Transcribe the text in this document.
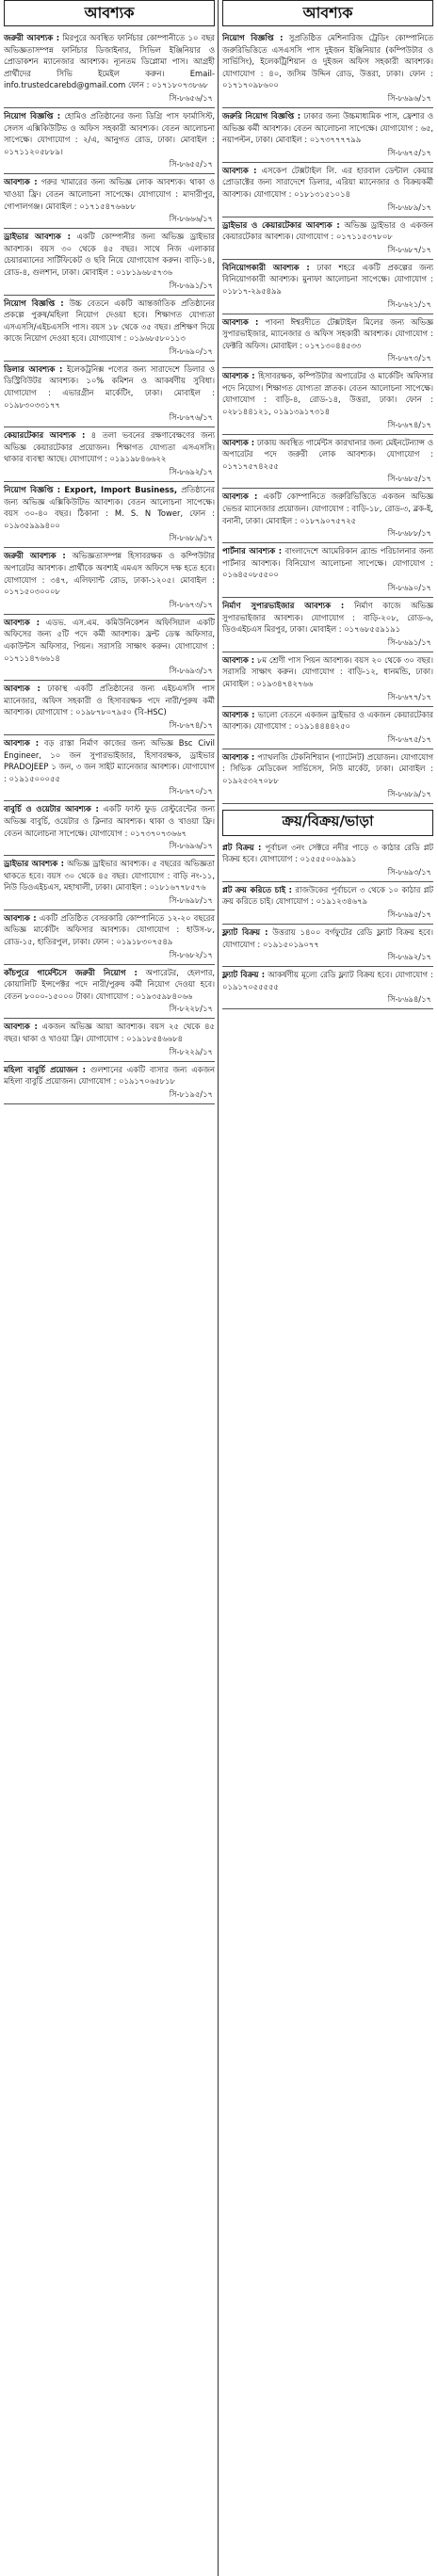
আবশ্যক
জরুরী আবশ্যক : মিরপুরে অবস্থিত ফার্নিচার কোম্পানীতে ১০ বছর অভিজ্ঞতাসম্পন্ন ফার্নিচার ডিজাইনার, সিভিল ইঞ্জিনিয়ার ও প্রোডাকশন ম্যানেজার আবশ্যক। ন্যূনতম ডিপ্লোমা পাস। আগ্রহী প্রার্থীদের সিভি ইমেইল করুন। Email- info.trustedcarebd@gmail.com ফোন : ০১৭১৮০৭৩৮৬৮
সি-৮৬৫৬/১৭
নিয়োগ বিজ্ঞপ্তি : হোমিও প্রতিষ্ঠানের জন্য ডিগ্রি পাস ফার্মাসিস্ট, সেলস এক্সিকিউটিভ ও অফিস সহকারী আবশ্যক। বেতন আলোচনা সাপেক্ষে। যোগাযোগ : ২/এ, আনুগত রোড, ঢাকা। মোবাইল : ০১৭১১২০৫৮৮৯।
সি-৮৬৫৫/১৭
আবশ্যক : গরুর খামারের জন্য অভিজ্ঞ লোক আবশ্যক। থাকা ও খাওয়া ফ্রি। বেতন আলোচনা সাপেক্ষে। যোগাযোগ : মাদারীপুর, গোপালগঞ্জ। মোবাইল : ০১৭১৫৪৭৬৬৮৮
সি-৮৬৬৬/১৭
ড্রাইভার আবশ্যক : একটি কোম্পানীর জন্য অভিজ্ঞ ড্রাইভার আবশ্যক। বয়স ৩০ থেকে ৪৫ বছর। সাথে নিজ এলাকার চেয়ারম্যানের সার্টিফিকেট ও ছবি নিয়ে যোগাযোগ করুন। বাড়ি-১৪, রোড-৪, গুলশান, ঢাকা। মোবাইল : ০১৮১৯৬৮৫৭৩৬
সি-৮৬৯১/১৭
নিয়োগ বিজ্ঞপ্তি : উচ্চ বেতনে একটি আন্তর্জাতিক প্রতিষ্ঠানের প্রকল্পে পুরুষ/মহিলা নিয়োগ দেওয়া হবে। শিক্ষাগত যোগ্যতা এসএসসি/এইচএসসি পাস। বয়স ১৮ থেকে ৩৫ বছর। প্রশিক্ষণ দিয়ে কাজে নিয়োগ দেওয়া হবে। যোগাযোগ : ০১৯৬৮৫৮০১১৩
সি-৮৬৯০/১৭
ডিলার আবশ্যক : ইলেকট্রনিক্স পণ্যের জন্য সারাদেশে ডিলার ও ডিস্ট্রিবিউটর আবশ্যক। ১০% কমিশন ও আকর্ষণীয় সুবিধা। যোগাযোগ : এভারগ্রীন মার্কেটিং, ঢাকা। মোবাইল : ০১৯৮৩০৩৩১৭৭
সি-৮৬৭৬/১৭
কেয়ারটেকার আবশ্যক : ৪ তলা ভবনের রক্ষণাবেক্ষণের জন্য অভিজ্ঞ কেয়ারটেকার প্রয়োজন। শিক্ষাগত যোগ্যতা এসএসসি। থাকার ব্যবস্থা আছে। যোগাযোগ : ০১৯১৯৮৪৬৬২২
সি-৮৬৯২/১৭
নিয়োগ বিজ্ঞপ্তি : Export, Import Business, প্রতিষ্ঠানের জন্য অভিজ্ঞ এক্সিকিউটিভ আবশ্যক। বেতন আলোচনা সাপেক্ষে। বয়স ৩০-৪০ বছর। ঠিকানা : M. S. N Tower, ফোন : ০১৯৩৫৯৯৯৪০০
সি-৮৬৮৯/১৭
জরুরী আবশ্যক : অভিজ্ঞতাসম্পন্ন হিসাবরক্ষক ও কম্পিউটার অপারেটর আবশ্যক। প্রার্থীকে অবশ্যই এমএস অফিসে দক্ষ হতে হবে। যোগাযোগ : ৩৪৭, এলিফ্যান্ট রোড, ঢাকা-১২০৫। মোবাইল : ০১৭১৫০৩০০০৮
সি-৮৬৭৩/১৭
আবশ্যক : এডভ. এস.এম. কমিউনিকেশন অফিসিয়াল একটি অফিসের জন্য ৫টি পদে কর্মী আবশ্যক। ফ্রন্ট ডেস্ক অফিসার, একাউন্টস অফিসার, পিয়ন। সরাসরি সাক্ষাৎ করুন। যোগাযোগ : ০১৭১১৪৭৬৬১৪
সি-৮৬৯৩/১৭
আবশ্যক : ঢাকাস্থ একটি প্রতিষ্ঠানের জন্য এইচএসসি পাস ম্যানেজার, অফিস সহকারী ও হিসাবরক্ষক পদে নারী/পুরুষ কর্মী আবশ্যক। যোগাযোগ : ০১৯৮৭৮০৭৯৫০ (বি-HSC)
সি-৮৬৭৪/১৭
আবশ্যক : বড় রাস্তা নির্মাণ কাজের জন্য অভিজ্ঞ Bsc Civil Engineer, ১০ জন সুপারভাইজার, হিসাবরক্ষক, ড্রাইভার PRADOJEEP ১ জন, ৩ জন সাইট ম্যানেজার আবশ্যক। যোগাযোগ : ০১৯১৫০০০৫৫
সি-৮৬৭০/১৭
বাবুর্চি ও ওয়েটার আবশ্যক : একটি ফাস্ট ফুড রেস্টুরেন্টের জন্য অভিজ্ঞ বাবুর্চি, ওয়েটার ও ক্লিনার আবশ্যক। থাকা ও খাওয়া ফ্রি। বেতন আলোচনা সাপেক্ষে। যোগাযোগ : ০১৭৩৭০৭৩৬৬৭
সি-৮৬৯৬/১৭
ড্রাইভার আবশ্যক : অভিজ্ঞ ড্রাইভার আবশ্যক। ৫ বছরের অভিজ্ঞতা থাকতে হবে। বয়স ৩০ থেকে ৪৫ বছর। যোগাযোগ : বাড়ি নং-১১, নিউ ডিওএইচএস, মহাখালী, ঢাকা। মোবাইল : ০১৮১৬৭৭৮৫৭৬
সি-৮৬৯৮/১৭
আবশ্যক : একটি প্রতিষ্ঠিত বেসরকারি কোম্পানিতে ১২-২০ বছরের অভিজ্ঞ মার্কেটিং অফিসার আবশ্যক। যোগাযোগ : হাউস-৮, রোড-১৫, হাতিরপুল, ঢাকা। ফোন : ০১৯১৮৩০৭৫৪৯
সি-৮৬৮২/১৭
কাঁচপুরে গার্মেন্টসে জরুরী নিয়োগ : অপারেটর, হেলপার, কোয়ালিটি ইন্সপেক্টর পদে নারী/পুরুষ কর্মী নিয়োগ দেওয়া হবে। বেতন ৮০০০-১৫০০০ টাকা। যোগাযোগ : ০১৯৩৫৯৮৪০৬৬
সি-৮২২৮/১৭
আবশ্যক : একজন অভিজ্ঞ আয়া আবশ্যক। বয়স ২৫ থেকে ৪৫ বছর। থাকা ও খাওয়া ফ্রি। যোগাযোগ : ০১৯১৮৫৪৬৬৮৪
সি-৮২২৯/১৭
মহিলা বাবুর্চি প্রয়োজন : গুলশানের একটি বাসার জন্য একজন মহিলা বাবুর্চি প্রয়োজন। যোগাযোগ : ০১৯১৭০৬৫৮১৮
সি-৮১৯৫/১৭
আবশ্যক
নিয়োগ বিজ্ঞপ্তি : সুপ্রতিষ্ঠিত মেশিনারিজ ট্রেডিং কোম্পানিতে জরুরিভিত্তিতে এসএসসি পাস দুইজন ইঞ্জিনিয়ার (কম্পিউটার ও সার্ভিসিং), ইলেকট্রিশিয়ান ও দুইজন অফিস সহকারী আবশ্যক। যোগাযোগ : ৪০, জসিম উদ্দিন রোড, উত্তরা, ঢাকা। ফোন : ০১৭১৭০৯৮৬০০
সি-৮৬৯৬/১৭
জরুরি নিয়োগ বিজ্ঞপ্তি : ঢাকার জন্য উচ্চমাধ্যমিক পাস, ফ্রেশার ও অভিজ্ঞ কর্মী আবশ্যক। বেতন আলোচনা সাপেক্ষে। যোগাযোগ : ৬৫, নয়াপল্টন, ঢাকা। মোবাইল : ০১৭৩৭৭৭৭৯৯
সি-৮৬৭৫/১৭
আবশ্যক : এসকেপ টেক্সটাইল লি. এর হারবাল ডেন্টাল কেয়ার প্রোডাক্টের জন্য সারাদেশে ডিলার, এরিয়া ম্যানেজার ও বিক্রয়কর্মী আবশ্যক। যোগাযোগ : ০১৮১৩১৫১০১৪
সি-৮৬৮৯/১৭
ড্রাইভার ও কেয়ারটেকার আবশ্যক : অভিজ্ঞ ড্রাইভার ও একজন কেয়ারটেকার আবশ্যক। যোগাযোগ : ০১৭১১৫৩৭৮০৮
সি-৮৬৮৭/১৭
বিনিয়োগকারী আবশ্যক : ঢাকা শহরে একটি প্রকল্পের জন্য বিনিয়োগকারী আবশ্যক। মুনাফা আলোচনা সাপেক্ষে। যোগাযোগ : ০১৮১৭-২৯৫৪৯৯
সি-৮৬২১/১৭
আবশ্যক : পাবনা ঈশ্বরদীতে টেক্সটাইল মিলের জন্য অভিজ্ঞ সুপারভাইজার, ম্যানেজার ও অফিস সহকারী আবশ্যক। যোগাযোগ : ফেক্টরি অফিস। মোবাইল : ০১৭১৩০৪৪৫৩৩
সি-৮৬৭৩/১৭
আবশ্যক : হিসাবরক্ষক, কম্পিউটার অপারেটর ও মার্কেটিং অফিসার পদে নিয়োগ। শিক্ষাগত যোগ্যতা স্নাতক। বেতন আলোচনা সাপেক্ষে। যোগাযোগ : বাড়ি-৪, রোড-১৪, উত্তরা, ঢাকা। ফোন : ০২৮১৪৪১২১, ০১৯১৩৯১৭৩১৪
সি-৮৬৭৪/১৭
আবশ্যক : ঢাকায় অবস্থিত গার্মেন্টস কারখানার জন্য মেইনটেন্যান্স ও অপারেটর পদে জরুরী লোক আবশ্যক। যোগাযোগ : ০১৭১৭৫৭৪২৫৫
সি-৮৬৮৫/১৭
আবশ্যক : একটি কোম্পানিতে জরুরিভিত্তিতে একজন অভিজ্ঞ ভেন্ডর ম্যানেজার প্রয়োজন। যোগাযোগ : বাড়ি-১৮, রোড-৩, ব্লক-ই, বনানী, ঢাকা। মোবাইল : ০১৮৭৯০৭৫৭২৫
সি-৮৬৮৮/১৭
পার্টনার আবশ্যক : বাংলাদেশে আমেরিকান ব্র্যান্ড পরিচালনার জন্য পার্টনার আবশ্যক। বিনিয়োগ আলোচনা সাপেক্ষে। যোগাযোগ : ০১৬৪৫০৮৫৫০০
সি-৮৬৯০/১৭
নির্মাণ সুপারভাইজার আবশ্যক : নির্মাণ কাজে অভিজ্ঞ সুপারভাইজার আবশ্যক। যোগাযোগ : বাড়ি-২০৮, রোড-৬, ডিওএইচএস মিরপুর, ঢাকা। মোবাইল : ০১৭৬৮৫৫৯১৯১
সি-৮৬৯১/১৭
আবশ্যক : ৮ম শ্রেণী পাস পিয়ন আবশ্যক। বয়স ২০ থেকে ৩০ বছর। সরাসরি সাক্ষাৎ করুন। যোগাযোগ : বাড়ি-১২, ধানমন্ডি, ঢাকা। মোবাইল : ০১৯৩৪৭৪২৭৬৬
সি-৮৬৭৭/১৭
আবশ্যক : ভালো বেতনে একজন ড্রাইভার ও একজন কেয়ারটেকার আবশ্যক। যোগাযোগ : ০১৯১৪৪৪৪২৫০
সি-৮৬৭৫/১৭
আবশ্যক : প্যাথলজি টেকনিশিয়ান (প্যাটেনট) প্রয়োজন। যোগাযোগ : সিভিক মেডিকেল সার্ভিসেস, নিউ মার্কেট, ঢাকা। মোবাইল : ০১৯২৫৩২৭০৮৮
সি-৮৬৮৯/১৭
ক্রয়/বিক্রয়/ভাড়া
প্লট বিক্রয় : পূর্বাচল ৩নং সেক্টরে নদীর পাড়ে ৩ কাঠার রেডি প্লট বিক্রয় হবে। যোগাযোগ : ০১৫৫৫০০৯৯৯১
সি-৮৬৯৩/১৭
প্লট ক্রয় করিতে চাই : রাজউকের পূর্বাচলে ৩ থেকে ১০ কাঠার প্লট ক্রয় করিতে চাই। যোগাযোগ : ০১৯১২৩৪৬৭৯
সি-৮৬৯৫/১৭
ফ্ল্যাট বিক্রয় : উত্তরায় ১৪০০ বর্গফুটের রেডি ফ্ল্যাট বিক্রয় হবে। যোগাযোগ : ০১৯১৫০১৯০৭৭
সি-৮৬৯২/১৭
ফ্ল্যাট বিক্রয় : আকর্ষণীয় মূল্যে রেডি ফ্ল্যাট বিক্রয় হবে। যোগাযোগ : ০১৯১৭০৫৫৫৫৫
সি-৮৬৯৪/১৭
